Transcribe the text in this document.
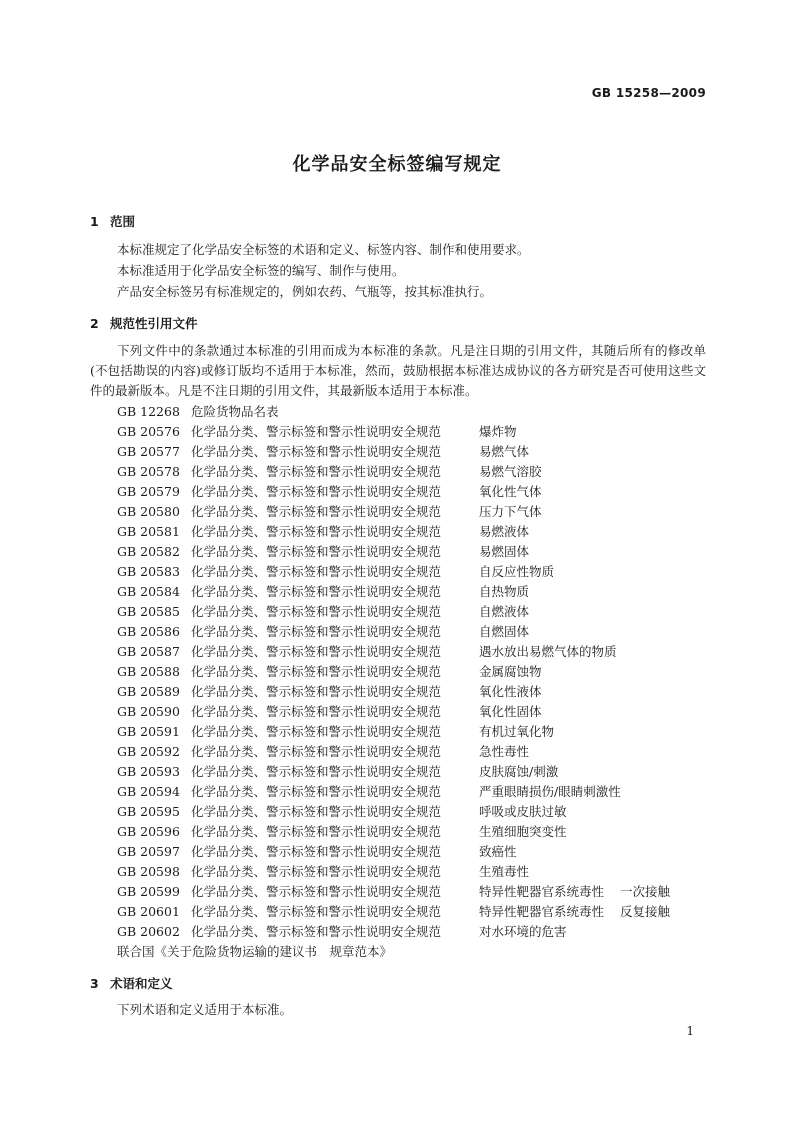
GB 15258—2009
化学品安全标签编写规定
1 范围
本标准规定了化学品安全标签的术语和定义、标签内容、制作和使用要求。
本标准适用于化学品安全标签的编写、制作与使用。
产品安全标签另有标准规定的，例如农药、气瓶等，按其标准执行。
2 规范性引用文件
下列文件中的条款通过本标准的引用而成为本标准的条款。凡是注日期的引用文件，其随后所有的修改单(不包括勘误的内容)或修订版均不适用于本标准，然而，鼓励根据本标准达成协议的各方研究是否可使用这些文件的最新版本。凡是不注日期的引用文件，其最新版本适用于本标准。
GB 12268 危险货物品名表
GB 20576 化学品分类、警示标签和警示性说明安全规范	爆炸物
GB 20577 化学品分类、警示标签和警示性说明安全规范	易燃气体
GB 20578 化学品分类、警示标签和警示性说明安全规范	易燃气溶胶
GB 20579 化学品分类、警示标签和警示性说明安全规范	氧化性气体
GB 20580 化学品分类、警示标签和警示性说明安全规范	压力下气体
GB 20581 化学品分类、警示标签和警示性说明安全规范	易燃液体
GB 20582 化学品分类、警示标签和警示性说明安全规范	易燃固体
GB 20583 化学品分类、警示标签和警示性说明安全规范	自反应性物质
GB 20584 化学品分类、警示标签和警示性说明安全规范	自热物质
GB 20585 化学品分类、警示标签和警示性说明安全规范	自燃液体
GB 20586 化学品分类、警示标签和警示性说明安全规范	自燃固体
GB 20587 化学品分类、警示标签和警示性说明安全规范	遇水放出易燃气体的物质
GB 20588 化学品分类、警示标签和警示性说明安全规范	金属腐蚀物
GB 20589 化学品分类、警示标签和警示性说明安全规范	氧化性液体
GB 20590 化学品分类、警示标签和警示性说明安全规范	氧化性固体
GB 20591 化学品分类、警示标签和警示性说明安全规范	有机过氧化物
GB 20592 化学品分类、警示标签和警示性说明安全规范	急性毒性
GB 20593 化学品分类、警示标签和警示性说明安全规范	皮肤腐蚀/刺激
GB 20594 化学品分类、警示标签和警示性说明安全规范	严重眼睛损伤/眼睛刺激性
GB 20595 化学品分类、警示标签和警示性说明安全规范	呼吸或皮肤过敏
GB 20596 化学品分类、警示标签和警示性说明安全规范	生殖细胞突变性
GB 20597 化学品分类、警示标签和警示性说明安全规范	致癌性
GB 20598 化学品分类、警示标签和警示性说明安全规范	生殖毒性
GB 20599 化学品分类、警示标签和警示性说明安全规范	特异性靶器官系统毒性 一次接触
GB 20601 化学品分类、警示标签和警示性说明安全规范	特异性靶器官系统毒性 反复接触
GB 20602 化学品分类、警示标签和警示性说明安全规范	对水环境的危害
联合国《关于危险货物运输的建议书　规章范本》
3 术语和定义
下列术语和定义适用于本标准。
1
